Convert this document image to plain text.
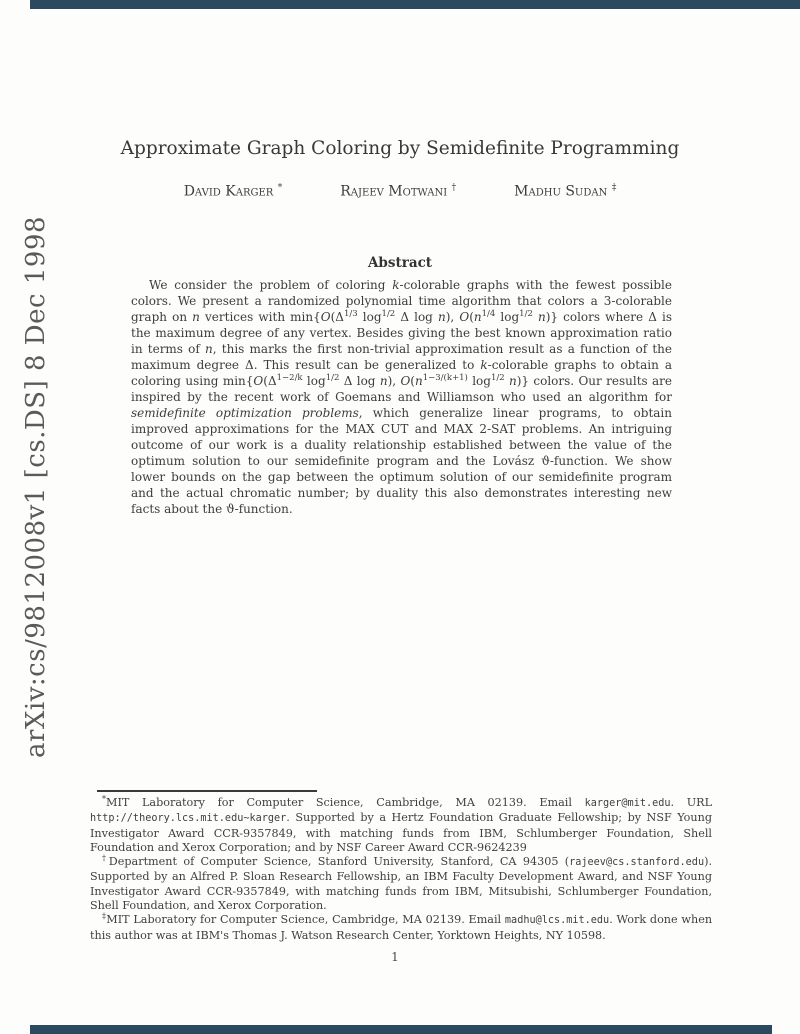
arXiv:cs/9812008v1 [cs.DS] 8 Dec 1998
Approximate Graph Coloring by Semidefinite Programming
David Karger *	Rajeev Motwani †	Madhu Sudan ‡
Abstract
We consider the problem of coloring k-colorable graphs with the fewest possible colors. We present a randomized polynomial time algorithm that colors a 3-colorable graph on n vertices with $\min\{O(\Delta^{1/3}$ $\log^{1/2} \Delta$ log n), $O(n^{1/4}$ $\log^{1/2} n$)} colors where Δ is the maximum degree of any vertex. Besides giving the best known approximation ratio in terms of n, this marks the first non-trivial approximation result as a function of the maximum degree Δ. This result can be generalized to k-colorable graphs to obtain a coloring using $\min\{O(\Delta^{1-2/k}$ $\log^{1/2} \Delta$ log n), $O(n^{1-3/(k+1)}$ $\log^{1/2} n$)} colors. Our results are inspired by the recent work of Goemans and Williamson who used an algorithm for semidefinite optimization problems, which generalize linear programs, to obtain improved approximations for the MAX CUT and MAX 2-SAT problems. An intriguing outcome of our work is a duality relationship established between the value of the optimum solution to our semidefinite program and the Lovász ϑ-function. We show lower bounds on the gap between the optimum solution of our semidefinite program and the actual chromatic number; by duality this also demonstrates interesting new facts about the ϑ-function.

*MIT Laboratory for Computer Science, Cambridge, MA 02139. Email karger@mit.edu. URL http://theory.lcs.mit.edu~karger. Supported by a Hertz Foundation Graduate Fellowship; by NSF Young Investigator Award CCR-9357849, with matching funds from IBM, Schlumberger Foundation, Shell Foundation and Xerox Corporation; and by NSF Career Award CCR-9624239

†Department of Computer Science, Stanford University, Stanford, CA 94305 (rajeev@cs.stanford.edu). Supported by an Alfred P. Sloan Research Fellowship, an IBM Faculty Development Award, and NSF Young Investigator Award CCR-9357849, with matching funds from IBM, Mitsubishi, Schlumberger Foundation, Shell Foundation, and Xerox Corporation.

‡MIT Laboratory for Computer Science, Cambridge, MA 02139. Email madhu@lcs.mit.edu. Work done when this author was at IBM's Thomas J. Watson Research Center, Yorktown Heights, NY 10598.

1
